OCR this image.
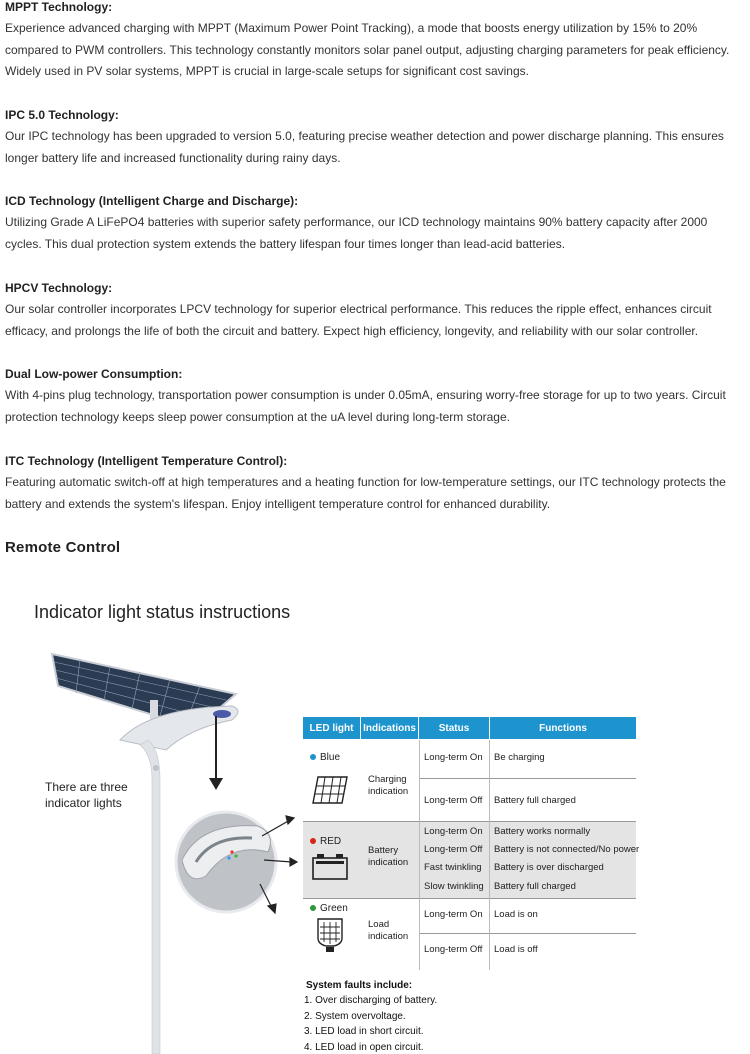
MPPT Technology:

Experience advanced charging with MPPT (Maximum Power Point Tracking), a mode that boosts energy utilization by 15% to 20%

compared to PWM controllers. This technology constantly monitors solar panel output, adjusting charging parameters for peak efficiency.

Widely used in PV solar systems, MPPT is crucial in large-scale setups for significant cost savings.

IPC 5.0 Technology:

Our IPC technology has been upgraded to version 5.0, featuring precise weather detection and power discharge planning. This ensures

longer battery life and increased functionality during rainy days.

ICD Technology (Intelligent Charge and Discharge):

Utilizing Grade A LiFePO4 batteries with superior safety performance, our ICD technology maintains 90% battery capacity after 2000

cycles. This dual protection system extends the battery lifespan four times longer than lead-acid batteries.

HPCV Technology:

Our solar controller incorporates LPCV technology for superior electrical performance. This reduces the ripple effect, enhances circuit

efficacy, and prolongs the life of both the circuit and battery. Expect high efficiency, longevity, and reliability with our solar controller.

Dual Low-power Consumption:

With 4-pins plug technology, transportation power consumption is under 0.05mA, ensuring worry-free storage for up to two years. Circuit

protection technology keeps sleep power consumption at the uA level during long-term storage.

ITC Technology (Intelligent Temperature Control):

Featuring automatic switch-off at high temperatures and a heating function for low-temperature settings, our ITC technology protects the

battery and extends the system's lifespan. Enjoy intelligent temperature control for enhanced durability.

Remote Control
Indicator light status instructions
There are three indicator lights
LED light Indications	Status	Functions
Blue
Charging indication
Long-term On Be charging
Long-term Off Battery full charged
RED
Battery indication
Long-term On Battery works normally
Long-term Off Battery is not connected/No power
Fast twinkling Battery is over discharged
Slow twinkling Battery full charged
Green
Load indication
Long-term On Load is on
Long-term Off Load is off
System faults include:
1. Over discharging of battery.
2. System overvoltage.
3. LED load in short circuit.
4. LED load in open circuit.
